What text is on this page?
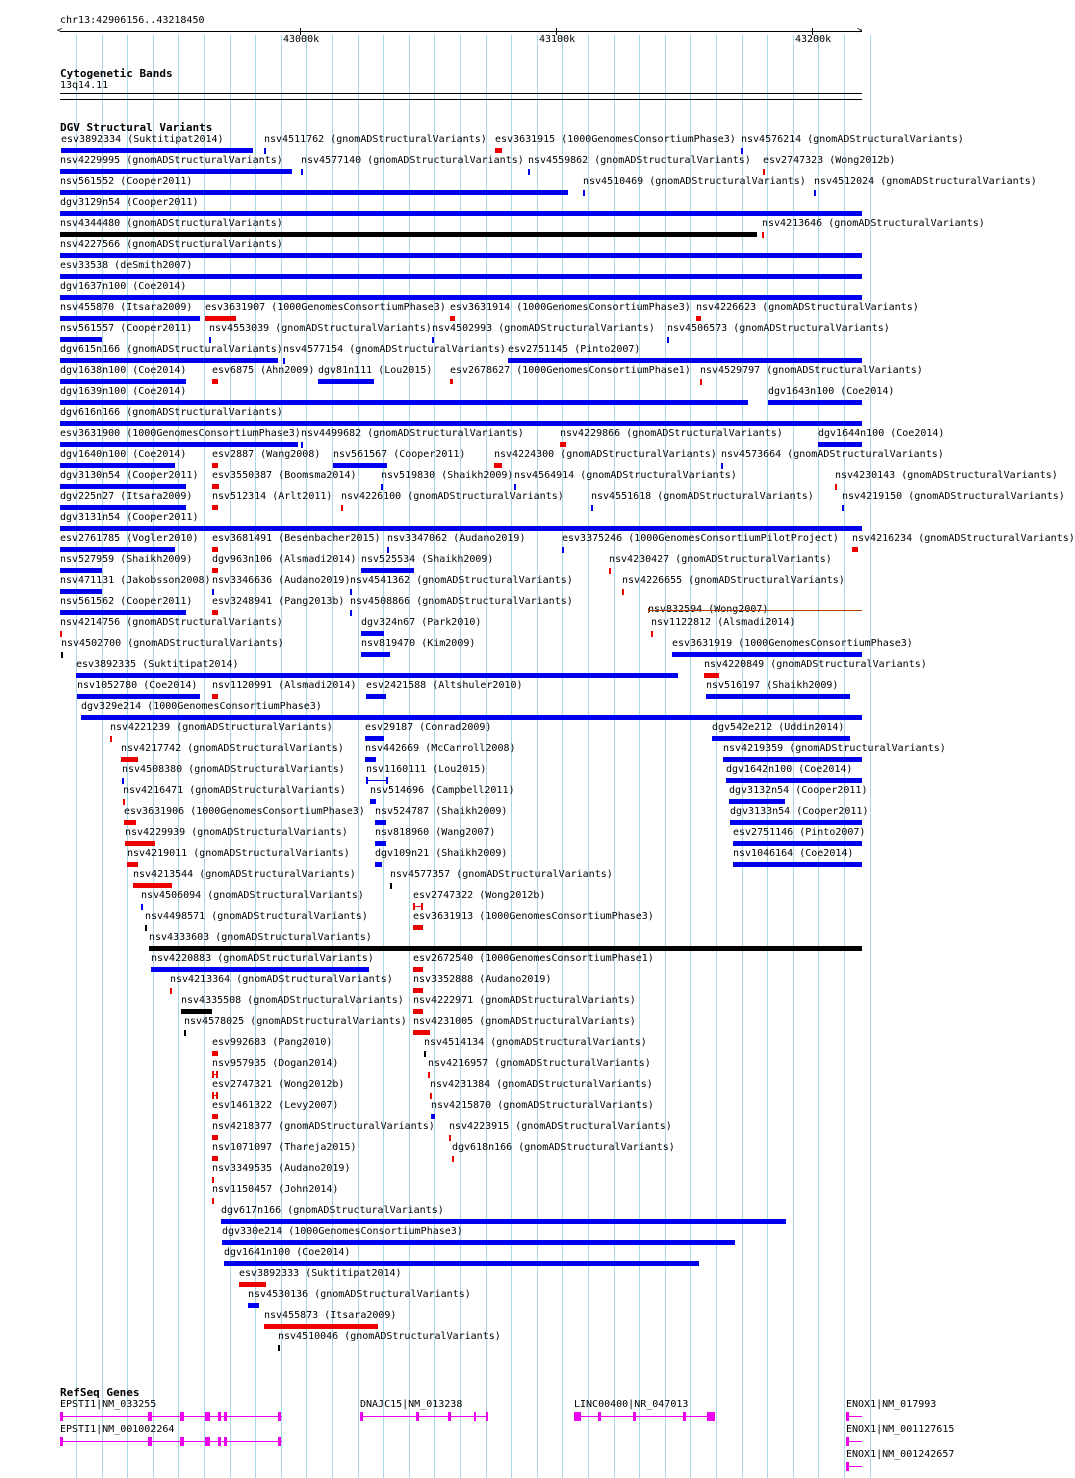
chr13:42906156..43218450
<	>
43000k	43100k	43200k
Cytogenetic Bands
13q14.11
DGV Structural Variants
esv3892334 (Suktitipat2014)	nsv4511762 (gnomADStructuralVariants) esv3631915 (1000GenomesConsortiumPhase3) nsv4576214 (gnomADStructuralVariants)
nsv4229995 (gnomADStructuralVariants) nsv4577140 (gnomADStructuralVariants) nsv4559862 (gnomADStructuralVariants) esv2747323 (Wong2012b)
nsv561552 (Cooper2011)	nsv4510469 (gnomADStructuralVariants) nsv4512024 (gnomADStructuralVariants)
dgv3129n54 (Cooper2011)
nsv4344480 (gnomADStructuralVariants)	nsv4213646 (gnomADStructuralVariants)
nsv4227566 (gnomADStructuralVariants)
esv33538 (deSmith2007)
dgv1637n100 (Coe2014)
nsv455870 (Itsara2009) esv3631907 (1000GenomesConsortiumPhase3) esv3631914 (1000GenomesConsortiumPhase3) nsv4226623 (gnomADStructuralVariants)
nsv561557 (Cooper2011) nsv4553039 (gnomADStructuralVariants) nsv4502993 (gnomADStructuralVariants) nsv4506573 (gnomADStructuralVariants)
dgv615n166 (gnomADStructuralVariants) nsv4577154 (gnomADStructuralVariants) esv2751145 (Pinto2007)
dgv1638n100 (Coe2014)	esv6875 (Ahn2009) dgv81n111 (Lou2015) esv2678627 (1000GenomesConsortiumPhase1) nsv4529797 (gnomADStructuralVariants)
dgv1639n100 (Coe2014)	dgv1643n100 (Coe2014)
dgv616n166 (gnomADStructuralVariants)
esv3631900 (1000GenomesConsortiumPhase3) nsv4499682 (gnomADStructuralVariants)	nsv4229866 (gnomADStructuralVariants)	dgv1644n100 (Coe2014)
dgv1640n100 (Coe2014)	esv2887 (Wang2008) nsv561567 (Cooper2011)	nsv4224300 (gnomADStructuralVariants) nsv4573664 (gnomADStructuralVariants)
dgv3130n54 (Cooper2011) esv3550387 (Boomsma2014) nsv519830 (Shaikh2009) nsv4564914 (gnomADStructuralVariants)	nsv4230143 (gnomADStructuralVariants)
dgv225n27 (Itsara2009) nsv512314 (Arlt2011) nsv4226100 (gnomADStructuralVariants)	nsv4551618 (gnomADStructuralVariants)	nsv4219150 (gnomADStructuralVariants)
dgv3131n54 (Cooper2011)
esv2761785 (Vogler2010) esv3681491 (Besenbacher2015) nsv3347062 (Audano2019)	esv3375246 (1000GenomesConsortiumPilotProject) nsv4216234 (gnomADStructuralVariants)
nsv527959 (Shaikh2009) dgv963n106 (Alsmadi2014) nsv525534 (Shaikh2009)	nsv4230427 (gnomADStructuralVariants)
nsv471131 (Jakobsson2008) nsv3346636 (Audano2019) nsv4541362 (gnomADStructuralVariants)	nsv4226655 (gnomADStructuralVariants)
nsv561562 (Cooper2011) esv3248941 (Pang2013b) nsv4508866 (gnomADStructuralVariants)
nsv4214756 (gnomADStructuralVariants)	dgv324n67 (Park2010)	nsv1122812 (Alsmadi2014)
nsv4502700 (gnomADStructuralVariants)	nsv819470 (Kim2009)	esv3631919 (1000GenomesConsortiumPhase3)
esv3892335 (Suktitipat2014)	nsv4220849 (gnomADStructuralVariants)
nsv1052780 (Coe2014) nsv1120991 (Alsmadi2014) esv2421588 (Altshuler2010)	nsv516197 (Shaikh2009)
dgv329e214 (1000GenomesConsortiumPhase3)
nsv4221239 (gnomADStructuralVariants)	esv29187 (Conrad2009)	dgv542e212 (Uddin2014)
nsv4217742 (gnomADStructuralVariants) nsv442669 (McCarroll2008)	nsv4219359 (gnomADStructuralVariants)
nsv4508380 (gnomADStructuralVariants) nsv1160111 (Lou2015)	dgv1642n100 (Coe2014)
nsv4216471 (gnomADStructuralVariants) nsv514696 (Campbell2011)	dgv3132n54 (Cooper2011)
esv3631906 (1000GenomesConsortiumPhase3) nsv524787 (Shaikh2009)	dgv3133n54 (Cooper2011)
nsv4229939 (gnomADStructuralVariants)	nsv818960 (Wang2007)	esv2751146 (Pinto2007)
nsv4219011 (gnomADStructuralVariants)	dgv109n21 (Shaikh2009)	nsv1046164 (Coe2014)
nsv4213544 (gnomADStructuralVariants)	nsv4577357 (gnomADStructuralVariants)
nsv4506094 (gnomADStructuralVariants)	esv2747322 (Wong2012b)
nsv4498571 (gnomADStructuralVariants)	esv3631913 (1000GenomesConsortiumPhase3)
nsv4333603 (gnomADStructuralVariants)
nsv4220883 (gnomADStructuralVariants)	esv2672540 (1000GenomesConsortiumPhase1)
nsv4213364 (gnomADStructuralVariants) nsv3352888 (Audano2019)
nsv4335508 (gnomADStructuralVariants) nsv4222971 (gnomADStructuralVariants)
nsv4578025 (gnomADStructuralVariants) nsv4231005 (gnomADStructuralVariants)
esv992683 (Pang2010)	nsv4514134 (gnomADStructuralVariants)
nsv957935 (Dogan2014)	nsv4216957 (gnomADStructuralVariants)
esv2747321 (Wong2012b)	nsv4231384 (gnomADStructuralVariants)
esv1461322 (Levy2007)	nsv4215870 (gnomADStructuralVariants)
nsv4218377 (gnomADStructuralVariants) nsv4223915 (gnomADStructuralVariants)
nsv1071097 (Thareja2015)	dgv618n166 (gnomADStructuralVariants)
nsv3349535 (Audano2019)
nsv1150457 (John2014)
dgv617n166 (gnomADStructuralVariants)
dgv330e214 (1000GenomesConsortiumPhase3)
dgv1641n100 (Coe2014)
esv3892333 (Suktitipat2014)
nsv4530136 (gnomADStructuralVariants)
nsv455873 (Itsara2009)
nsv4510046 (gnomADStructuralVariants)
RefSeq Genes
EPSTI1|NM_033255
EPSTI1|NM_001002264
DNAJC15|NM_013238	LINC00400|NR_047013	ENOX1|NM_017993
ENOX1|NM_001127615
ENOX1|NM_001242657
